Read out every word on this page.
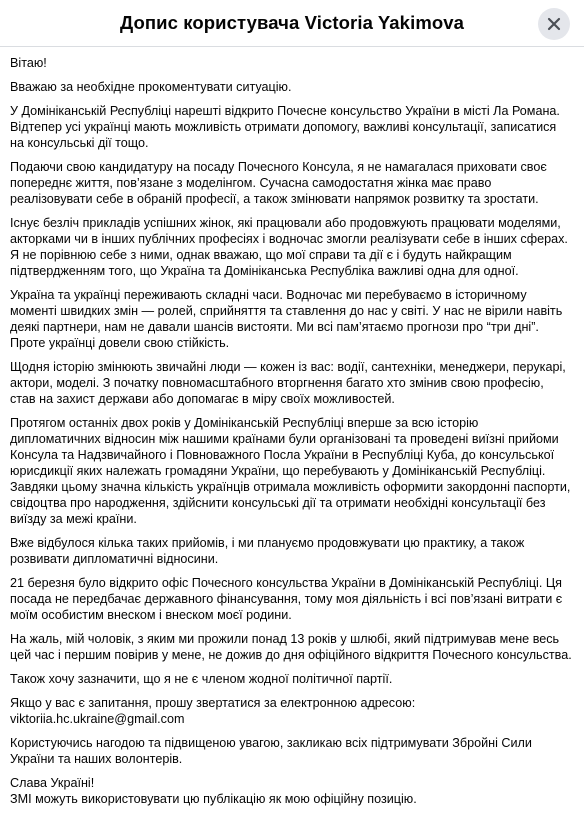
Допис користувача Victoria Yakimova

Вітаю!

Вважаю за необхідне прокоментувати ситуацію.

У Домініканській Республіці нарешті відкрито Почесне консульство України в місті Ла Романа. Відтепер усі українці мають можливість отримати допомогу, важливі консультації, записатися на консульські дії тощо.

Подаючи свою кандидатуру на посаду Почесного Консула, я не намагалася приховати своє попереднє життя, пов’язане з моделінгом. Сучасна самодостатня жінка має право реалізовувати себе в обраній професії, а також змінювати напрямок розвитку та зростати.

Існує безліч прикладів успішних жінок, які працювали або продовжують працювати моделями, акторками чи в інших публічних професіях і водночас змогли реалізувати себе в інших сферах. Я не порівнюю себе з ними, однак вважаю, що мої справи та дії є і будуть найкращим підтвердженням того, що Україна та Домініканська Республіка важливі одна для одної.

Україна та українці переживають складні часи. Водночас ми перебуваємо в історичному моменті швидких змін — ролей, сприйняття та ставлення до нас у світі. У нас не вірили навіть деякі партнери, нам не давали шансів вистояти. Ми всі пам’ятаємо прогнози про “три дні”. Проте українці довели свою стійкість.

Щодня історію змінюють звичайні люди — кожен із вас: водії, сантехніки, менеджери, перукарі, актори, моделі. З початку повномасштабного вторгнення багато хто змінив свою професію, став на захист держави або допомагає в міру своїх можливостей.

Протягом останніх двох років у Домініканській Республіці вперше за всю історію дипломатичних відносин між нашими країнами були організовані та проведені виїзні прийоми Консула та Надзвичайного і Повноважного Посла України в Республіці Куба, до консульської юрисдикції яких належать громадяни України, що перебувають у Домініканській Республіці. Завдяки цьому значна кількість українців отримала можливість оформити закордонні паспорти, свідоцтва про народження, здійснити консульські дії та отримати необхідні консультації без виїзду за межі країни.

Вже відбулося кілька таких прийомів, і ми плануємо продовжувати цю практику, а також розвивати дипломатичні відносини.

21 березня було відкрито офіс Почесного консульства України в Домініканській Республіці. Ця посада не передбачає державного фінансування, тому моя діяльність і всі пов’язані витрати є моїм особистим внеском і внеском моєї родини.

На жаль, мій чоловік, з яким ми прожили понад 13 років у шлюбі, який підтримував мене весь цей час і першим повірив у мене, не дожив до дня офіційного відкриття Почесного консульства.

Також хочу зазначити, що я не є членом жодної політичної партії.

Якщо у вас є запитання, прошу звертатися за електронною адресою:
viktoriia.hc.ukraine@gmail.com

Користуючись нагодою та підвищеною увагою, закликаю всіх підтримувати Збройні Сили України та наших волонтерів.

Слава Україні!
ЗМІ можуть використовувати цю публікацію як мою офіційну позицію.
